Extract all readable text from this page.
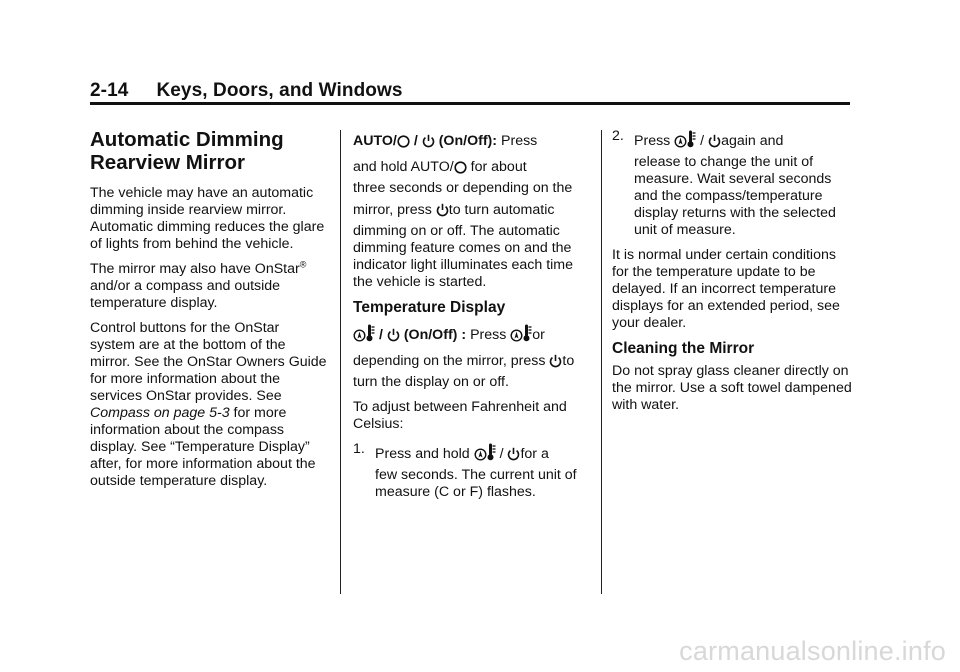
2-14 Keys, Doors, and Windows
Automatic Dimming
Rearview Mirror

The vehicle may have an automatic dimming inside rearview mirror. Automatic dimming reduces the glare of lights from behind the vehicle.

The mirror may also have OnStar® and/or a compass and outside temperature display.

Control buttons for the OnStar system are at the bottom of the mirror. See the OnStar Owners Guide for more information about the services OnStar provides. See Compass on page 5-3 for more information about the compass display. See “Temperature Display” after, for more information about the outside temperature display.

AUTO/ / (On/Off): Press

and hold AUTO/ for about

three seconds or depending on the

mirror, press to turn automatic

dimming on or off. The automatic dimming feature comes on and the indicator light illuminates each time the vehicle is started.

Temperature Display

/ (On/Off) : Press or

depending on the mirror, press to

turn the display on or off.

To adjust between Fahrenheit and Celsius:

1. Press and hold / for a
few seconds. The current unit of measure (C or F) flashes.
2. Press / again and
release to change the unit of measure. Wait several seconds and the compass/temperature display returns with the selected unit of measure.

It is normal under certain conditions for the temperature update to be delayed. If an incorrect temperature displays for an extended period, see your dealer.

Cleaning the Mirror

Do not spray glass cleaner directly on the mirror. Use a soft towel dampened with water.

carmanualsonline.info
